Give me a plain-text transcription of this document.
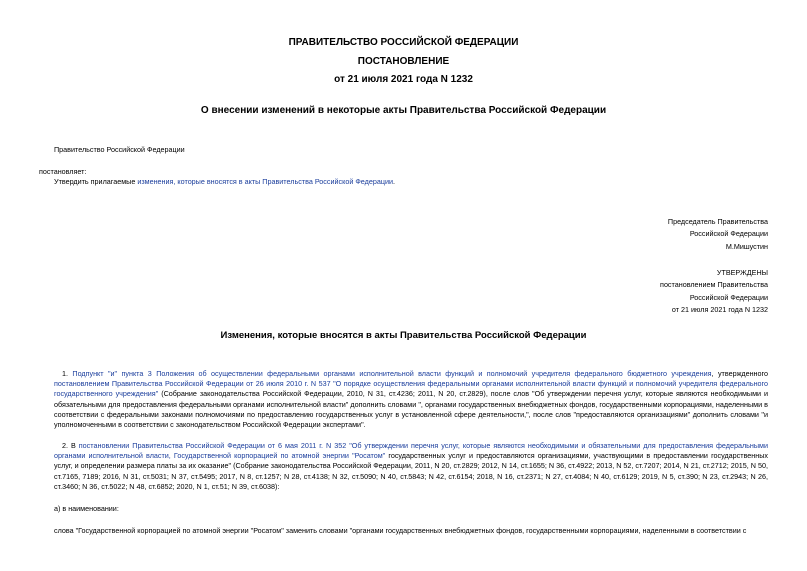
ПРАВИТЕЛЬСТВО РОССИЙСКОЙ ФЕДЕРАЦИИ
ПОСТАНОВЛЕНИЕ
от 21 июля 2021 года N 1232
О внесении изменений в некоторые акты Правительства Российской Федерации
Правительство Российской Федерации
постановляет:
Утвердить прилагаемые изменения, которые вносятся в акты Правительства Российской Федерации.
Председатель Правительства
Российской Федерации
М.Мишустин
УТВЕРЖДЕНЫ
постановлением Правительства
Российской Федерации
от 21 июля 2021 года N 1232
Изменения, которые вносятся в акты Правительства Российской Федерации
1. Подпункт "и" пункта 3 Положения об осуществлении федеральными органами исполнительной власти функций и полномочий учредителя федерального бюджетного учреждения, утвержденного постановлением Правительства Российской Федерации от 26 июля 2010 г. N 537 "О порядке осуществления федеральными органами исполнительной власти функций и полномочий учредителя федерального государственного учреждения" (Собрание законодательства Российской Федерации, 2010, N 31, ст.4236; 2011, N 20, ст.2829), после слов "Об утверждении перечня услуг, которые являются необходимыми и обязательными для предоставления федеральными органами исполнительной власти" дополнить словами ", органами государственных внебюджетных фондов, государственными корпорациями, наделенными в соответствии с федеральными законами полномочиями по предоставлению государственных услуг в установленной сфере деятельности,", после слов "предоставляются организациями" дополнить словами "и уполномоченными в соответствии с законодательством Российской Федерации экспертами".
2. В постановлении Правительства Российской Федерации от 6 мая 2011 г. N 352 "Об утверждении перечня услуг, которые являются необходимыми и обязательными для предоставления федеральными органами исполнительной власти, Государственной корпорацией по атомной энергии "Росатом" государственных услуг и предоставляются организациями, участвующими в предоставлении государственных услуг, и определении размера платы за их оказание" (Собрание законодательства Российской Федерации, 2011, N 20, ст.2829; 2012, N 14, ст.1655; N 36, ст.4922; 2013, N 52, ст.7207; 2014, N 21, ст.2712; 2015, N 50, ст.7165, 7189; 2016, N 31, ст.5031; N 37, ст.5495; 2017, N 8, ст.1257; N 28, ст.4138; N 32, ст.5090; N 40, ст.5843; N 42, ст.6154; 2018, N 16, ст.2371; N 27, ст.4084; N 40, ст.6129; 2019, N 5, ст.390; N 23, ст.2943; N 26, ст.3460; N 36, ст.5022; N 48, ст.6852; 2020, N 1, ст.51; N 39, ст.6038):
а) в наименовании:
слова "Государственной корпорацией по атомной энергии "Росатом" заменить словами "органами государственных внебюджетных фондов, государственными корпорациями, наделенными в соответствии с
